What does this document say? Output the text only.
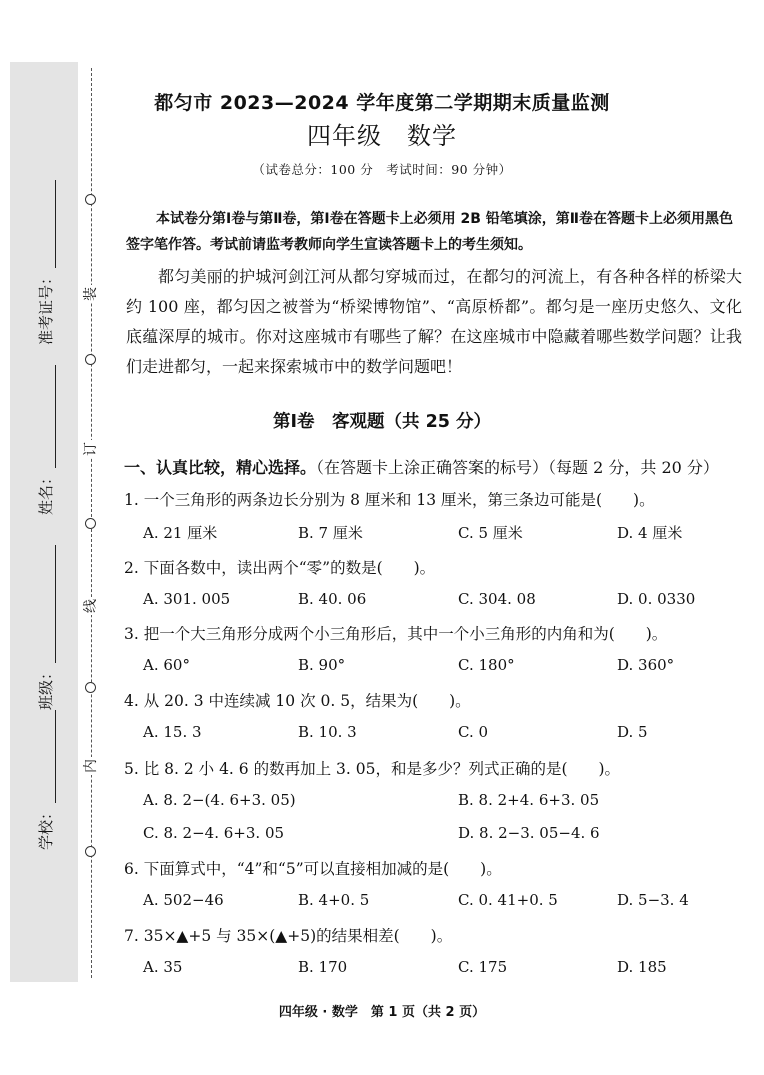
装
订
线
内
准考证号：
姓名：
班级：
学校：
都匀市 2023—2024 学年度第二学期期末质量监测
四年级　数学
（试卷总分：100 分　考试时间：90 分钟）
本试卷分第Ⅰ卷与第Ⅱ卷，第Ⅰ卷在答题卡上必须用 2B 铅笔填涂，第Ⅱ卷在答题卡上必须用黑色签字笔作答。考试前请监考教师向学生宣读答题卡上的考生须知。
都匀美丽的护城河剑江河从都匀穿城而过，在都匀的河流上，有各种各样的桥梁大约 100 座，都匀因之被誉为“桥梁博物馆”、“高原桥都”。都匀是一座历史悠久、文化底蕴深厚的城市。你对这座城市有哪些了解？在这座城市中隐藏着哪些数学问题？让我们走进都匀，一起来探索城市中的数学问题吧！
第Ⅰ卷　客观题（共 25 分）
一、认真比较，精心选择。（在答题卡上涂正确答案的标号）（每题 2 分，共 20 分）
1. 一个三角形的两条边长分别为 8 厘米和 13 厘米，第三条边可能是(　　)。
A. 21 厘米	B. 7 厘米	C. 5 厘米	D. 4 厘米
2. 下面各数中，读出两个“零”的数是(　　)。
A. 301. 005	B. 40. 06	C. 304. 08	D. 0. 0330
3. 把一个大三角形分成两个小三角形后，其中一个小三角形的内角和为(　　)。
A. 60°	B. 90°	C. 180°	D. 360°
4. 从 20. 3 中连续减 10 次 0. 5，结果为(　　)。
A. 15. 3	B. 10. 3	C. 0	D. 5
5. 比 8. 2 小 4. 6 的数再加上 3. 05，和是多少？列式正确的是(　　)。
A. 8. 2−(4. 6+3. 05)	B. 8. 2+4. 6+3. 05
C. 8. 2−4. 6+3. 05	D. 8. 2−3. 05−4. 6
6. 下面算式中，“4”和“5”可以直接相加减的是(　　)。
A. 502−46	B. 4+0. 5	C. 0. 41+0. 5	D. 5−3. 4
7. 35×▲+5 与 35×(▲+5)的结果相差(　　)。
A. 35	B. 170	C. 175	D. 185
四年级 · 数学　第 1 页（共 2 页）
